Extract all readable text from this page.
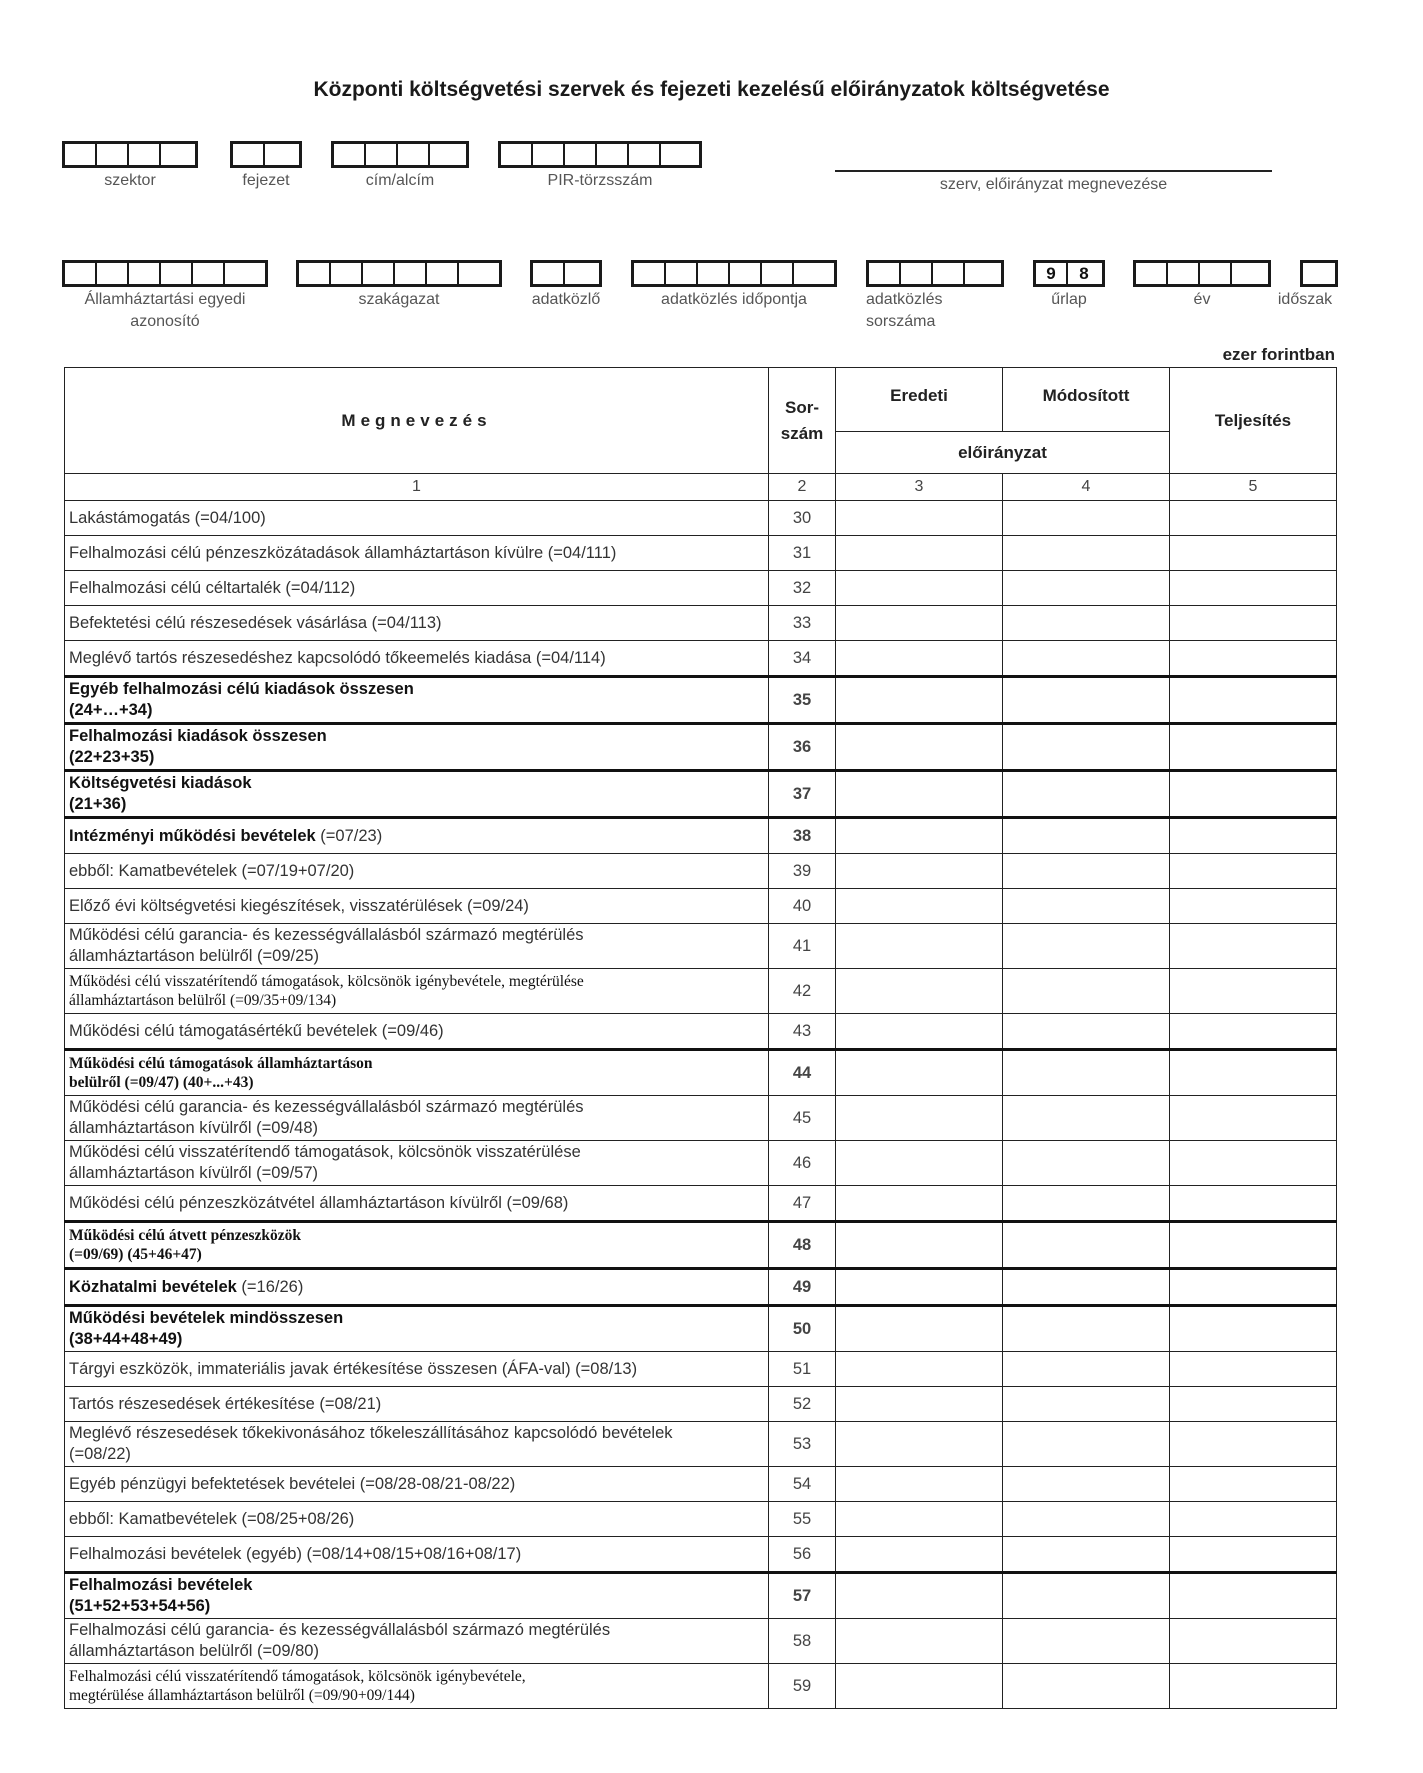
Központi költségvetési szervek és fejezeti kezelésű előirányzatok költségvetése
szektor	fejezet	cím/alcím	PIR-törzsszám	szerv, előirányzat megnevezése
Államháztartási egyedi azonosító
szakágazat	adatközlő	adatközlés időpontja	adatközlés sorszáma
9	8
űrlap	év	időszak
ezer forintban
Megnevezés	Sor-szám	Eredeti	Módosított	Teljesítés
		előirányzat		
1	2	3	4	5
Lakástámogatás (=04/100)	30			
Felhalmozási célú pénzeszközátadások államháztartáson kívülre (=04/111)	31			
Felhalmozási célú céltartalék (=04/112)	32			
Befektetési célú részesedések vásárlása (=04/113)	33			
Meglévő tartós részesedéshez kapcsolódó tőkeemelés kiadása (=04/114)	34			
Egyéb felhalmozási célú kiadások összesen
(24+…+34)	35			
Felhalmozási kiadások összesen
(22+23+35)	36			
Költségvetési kiadások
(21+36)	37			
Intézményi működési bevételek (=07/23)	38			
ebből: Kamatbevételek (=07/19+07/20)	39			
Előző évi költségvetési kiegészítések, visszatérülések (=09/24)	40			
Működési célú garancia- és kezességvállalásból származó megtérülés
államháztartáson belülről (=09/25)	41			
Működési célú visszatérítendő támogatások, kölcsönök igénybevétele, megtérülése
államháztartáson belülről (=09/35+09/134)	42			
Működési célú támogatásértékű bevételek (=09/46)	43			
Működési célú támogatások államháztartáson
belülről (=09/47) (40+...+43)	44			
Működési célú garancia- és kezességvállalásból származó megtérülés
államháztartáson kívülről (=09/48)	45			
Működési célú visszatérítendő támogatások, kölcsönök visszatérülése
államháztartáson kívülről (=09/57)	46			
Működési célú pénzeszközátvétel államháztartáson kívülről (=09/68)	47			
Működési célú átvett pénzeszközök
(=09/69) (45+46+47)	48			
Közhatalmi bevételek (=16/26)	49			
Működési bevételek mindösszesen
(38+44+48+49)	50			
Tárgyi eszközök, immateriális javak értékesítése összesen (ÁFA-val) (=08/13)	51			
Tartós részesedések értékesítése (=08/21)	52			
Meglévő részesedések tőkekivonásához tőkeleszállításához kapcsolódó bevételek
(=08/22)	53			
Egyéb pénzügyi befektetések bevételei (=08/28-08/21-08/22)	54			
ebből: Kamatbevételek (=08/25+08/26)	55			
Felhalmozási bevételek (egyéb) (=08/14+08/15+08/16+08/17)	56			
Felhalmozási bevételek
(51+52+53+54+56)	57			
Felhalmozási célú garancia- és kezességvállalásból származó megtérülés
államháztartáson belülről (=09/80)	58			
Felhalmozási célú visszatérítendő támogatások, kölcsönök igénybevétele,
megtérülése államháztartáson belülről (=09/90+09/144)	59			
